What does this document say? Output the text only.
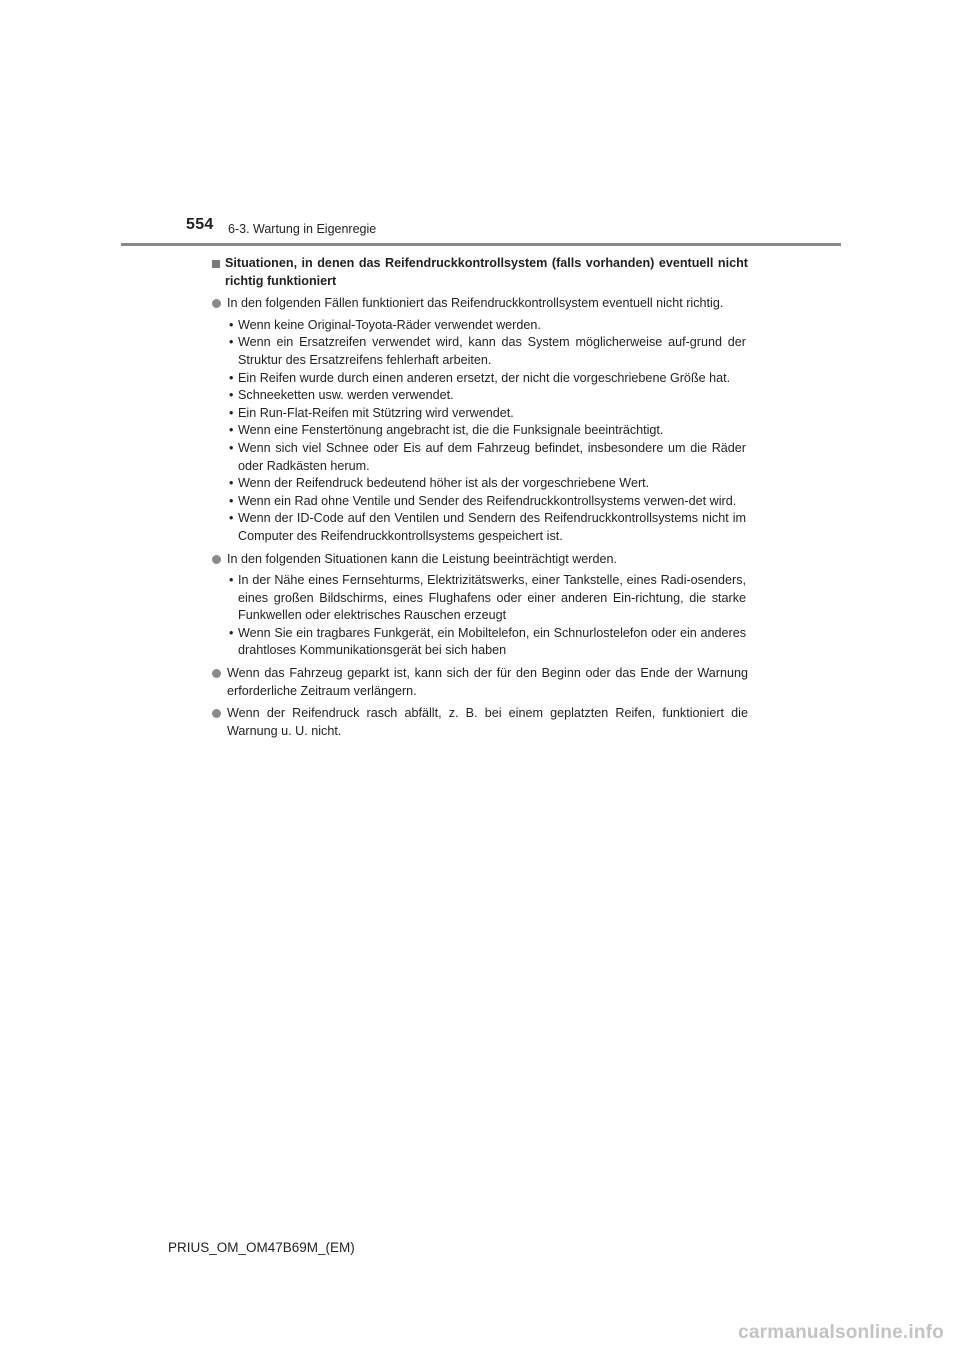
554 6-3. Wartung in Eigenregie
Situationen, in denen das Reifendruckkontrollsystem (falls vorhanden) eventuell nicht richtig funktioniert
In den folgenden Fällen funktioniert das Reifendruckkontrollsystem eventuell nicht richtig.
• Wenn keine Original-Toyota-Räder verwendet werden.
• Wenn ein Ersatzreifen verwendet wird, kann das System möglicherweise auf-grund der Struktur des Ersatzreifens fehlerhaft arbeiten.
• Ein Reifen wurde durch einen anderen ersetzt, der nicht die vorgeschriebene Größe hat.
• Schneeketten usw. werden verwendet.
• Ein Run-Flat-Reifen mit Stützring wird verwendet.
• Wenn eine Fenstertönung angebracht ist, die die Funksignale beeinträchtigt.
• Wenn sich viel Schnee oder Eis auf dem Fahrzeug befindet, insbesondere um die Räder oder Radkästen herum.
• Wenn der Reifendruck bedeutend höher ist als der vorgeschriebene Wert.
• Wenn ein Rad ohne Ventile und Sender des Reifendruckkontrollsystems verwen-det wird.
• Wenn der ID-Code auf den Ventilen und Sendern des Reifendruckkontrollsystems nicht im Computer des Reifendruckkontrollsystems gespeichert ist.
In den folgenden Situationen kann die Leistung beeinträchtigt werden.
• In der Nähe eines Fernsehturms, Elektrizitätswerks, einer Tankstelle, eines Radi-osenders, eines großen Bildschirms, eines Flughafens oder einer anderen Ein-richtung, die starke Funkwellen oder elektrisches Rauschen erzeugt
• Wenn Sie ein tragbares Funkgerät, ein Mobiltelefon, ein Schnurlostelefon oder ein anderes drahtloses Kommunikationsgerät bei sich haben
Wenn das Fahrzeug geparkt ist, kann sich der für den Beginn oder das Ende der Warnung erforderliche Zeitraum verlängern.
Wenn der Reifendruck rasch abfällt, z. B. bei einem geplatzten Reifen, funktioniert die Warnung u. U. nicht.
PRIUS_OM_OM47B69M_(EM)
carmanualsonline.info
